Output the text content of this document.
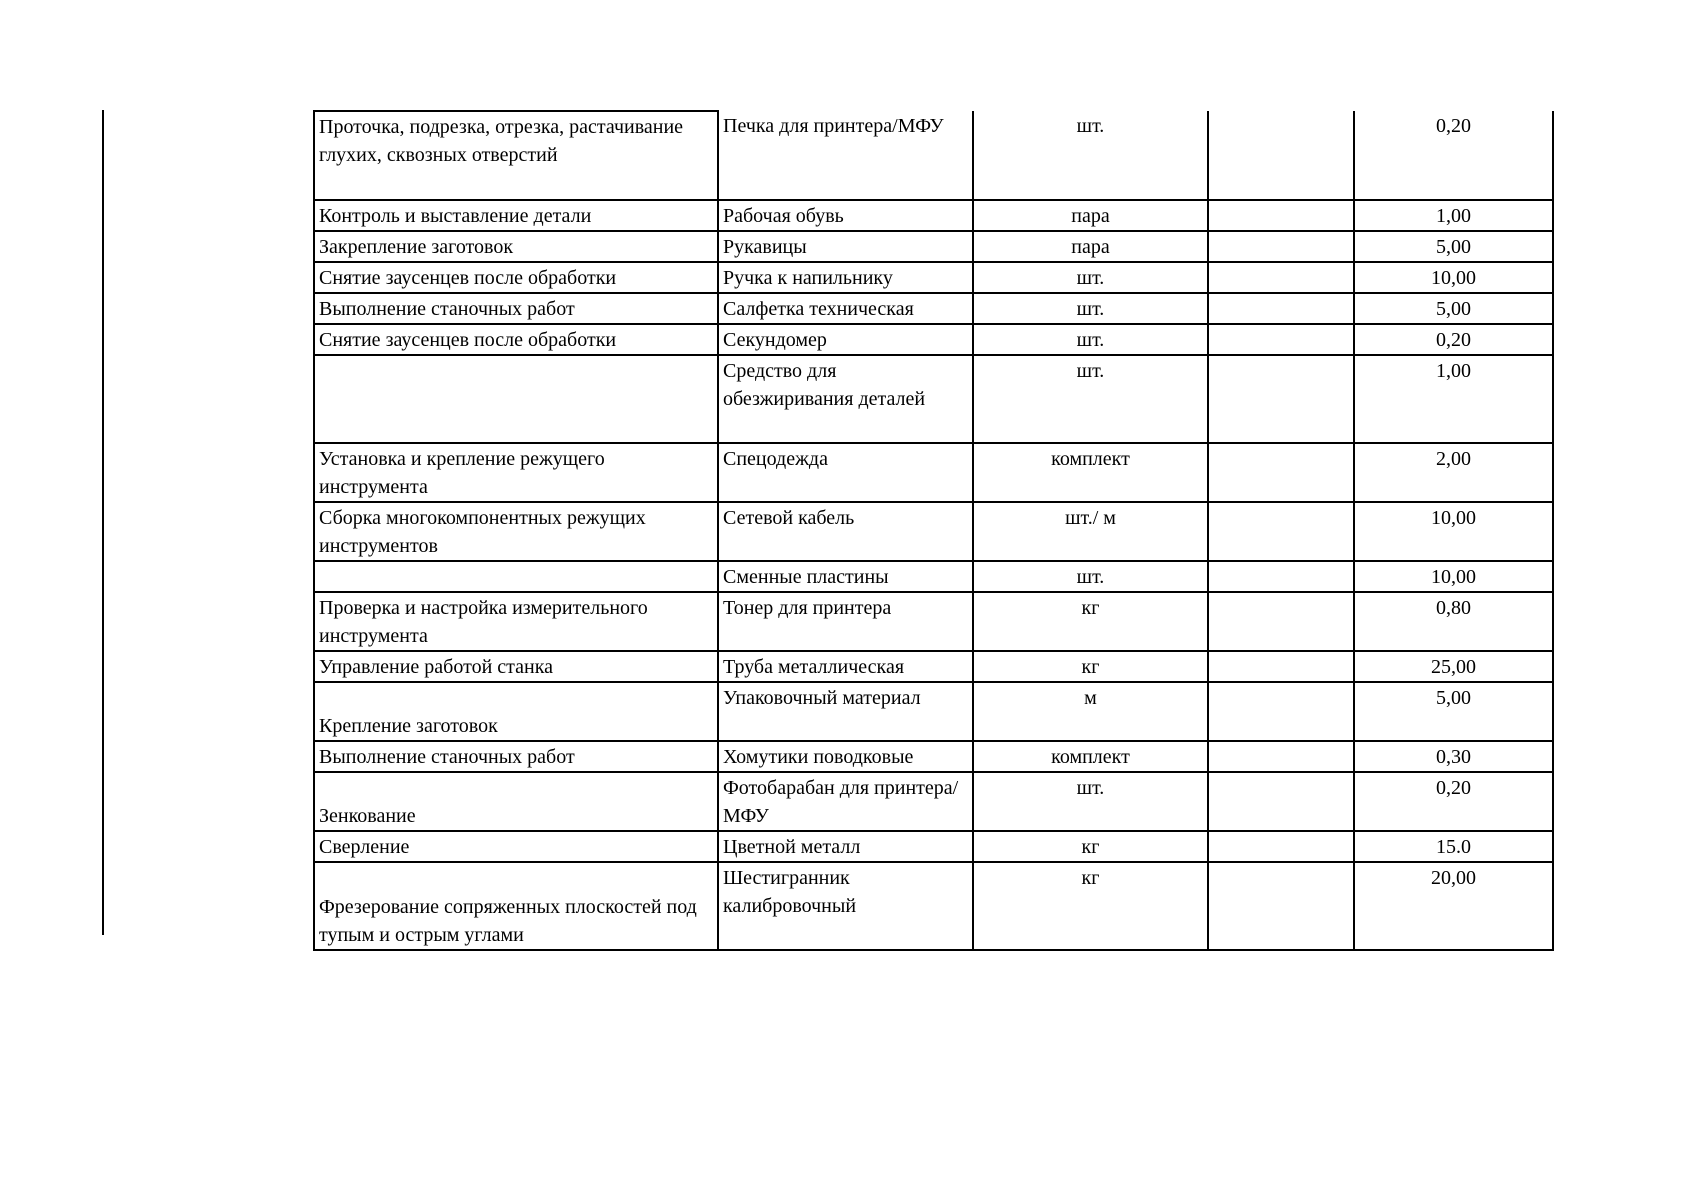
Проточка, подрезка, отрезка, растачивание глухих, сквозных отверстий	Печка для принтера/МФУ	шт.		0,20
Контроль и выставление детали	Рабочая обувь	пара		1,00
Закрепление заготовок	Рукавицы	пара		5,00
Снятие заусенцев после обработки	Ручка к напильнику	шт.		10,00
Выполнение станочных работ	Салфетка техническая	шт.		5,00
Снятие заусенцев после обработки	Секундомер	шт.		0,20
	Средство для обезжиривания деталей	шт.		1,00
Установка и крепление режущего инструмента	Спецодежда	комплект		2,00
Сборка многокомпонентных режущих инструментов	Сетевой кабель	шт./ м		10,00
	Сменные пластины	шт.		10,00
Проверка и настройка измерительного инструмента	Тонер для принтера	кг		0,80
Управление работой станка	Труба металлическая	кг		25,00
Крепление заготовок	Упаковочный материал	м		5,00
Выполнение станочных работ	Хомутики поводковые	комплект		0,30
Зенкование	Фотобарабан для принтера/МФУ	шт.		0,20
Сверление	Цветной металл	кг		15.0
Фрезерование сопряженных плоскостей под тупым и острым углами	Шестигранник калибровочный	кг		20,00
